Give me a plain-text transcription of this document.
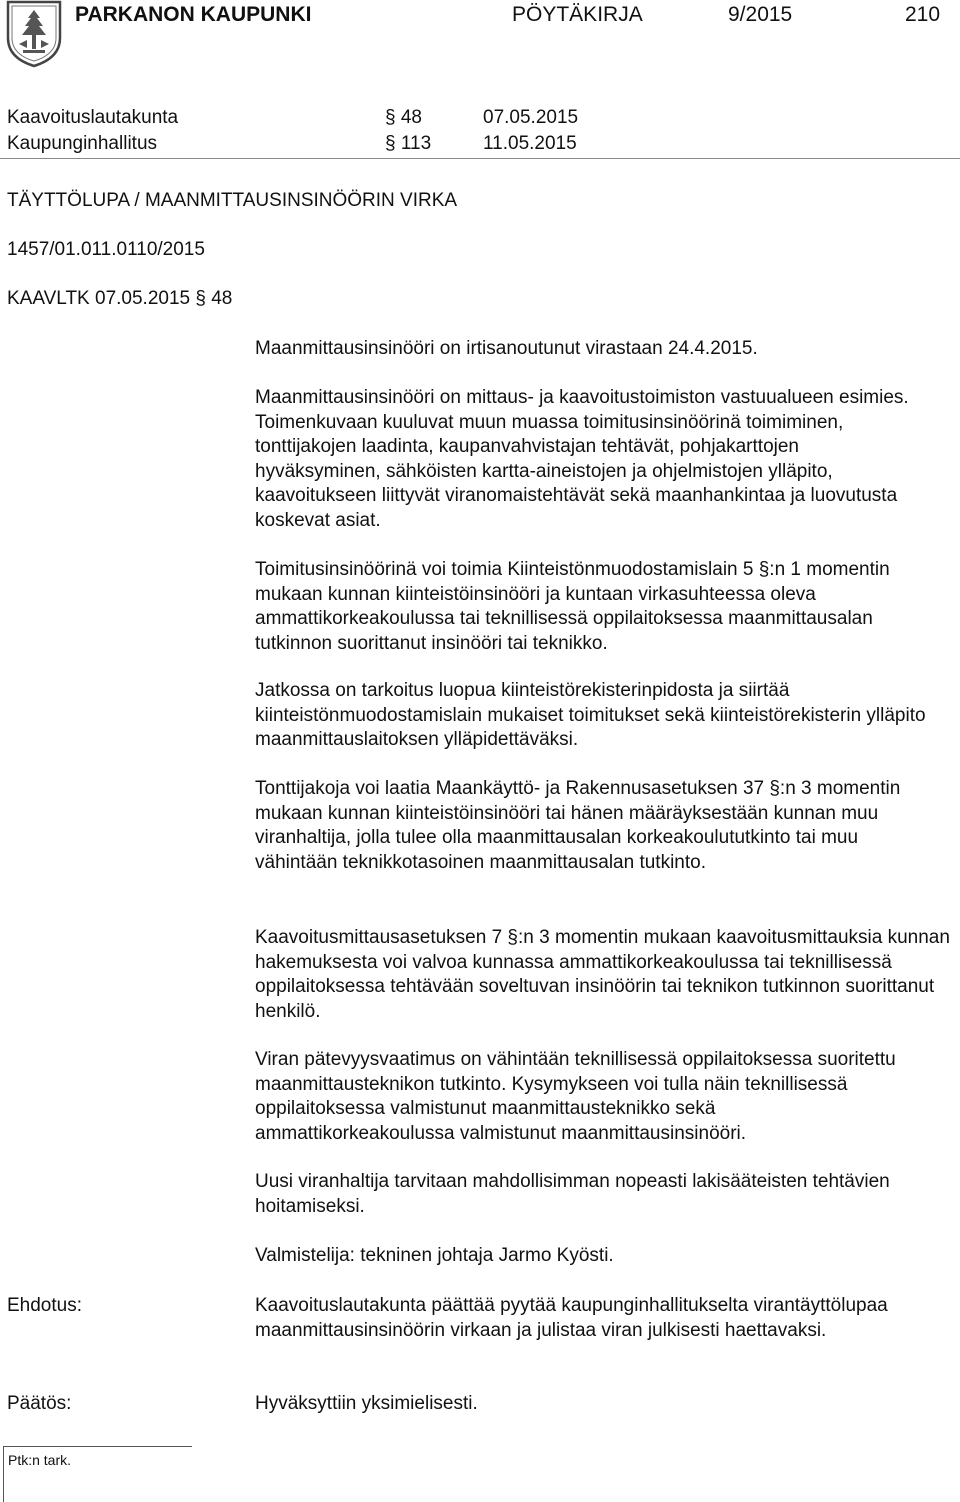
PARKANON KAUPUNKI	PÖYTÄKIRJA	9/2015	210
Kaavoituslautakunta	§ 48	07.05.2015
Kaupunginhallitus	§ 113	11.05.2015
TÄYTTÖLUPA / MAANMITTAUSINSINÖÖRIN VIRKA
1457/01.011.0110/2015
KAAVLTK 07.05.2015 § 48

Maanmittausinsinööri on irtisanoutunut virastaan 24.4.2015.

Maanmittausinsinööri on mittaus- ja kaavoitustoimiston vastuualueen esimies. Toimenkuvaan kuuluvat muun muassa toimitusinsinöörinä toimiminen, tonttijakojen laadinta, kaupanvahvistajan tehtävät, pohjakarttojen hyväksyminen, sähköisten kartta-aineistojen ja ohjelmistojen ylläpito, kaavoitukseen liittyvät viranomaistehtävät sekä maanhankintaa ja luovutusta koskevat asiat.

Toimitusinsinöörinä voi toimia Kiinteistönmuodostamislain 5 §:n 1 momentin mukaan kunnan kiinteistöinsinööri ja kuntaan virkasuhteessa oleva ammattikorkeakoulussa tai teknillisessä oppilaitoksessa maanmittausalan tutkinnon suorittanut insinööri tai teknikko.

Jatkossa on tarkoitus luopua kiinteistörekisterinpidosta ja siirtää kiinteistönmuodostamislain mukaiset toimitukset sekä kiinteistörekisterin ylläpito maanmittauslaitoksen ylläpidettäväksi.

Tonttijakoja voi laatia Maankäyttö- ja Rakennusasetuksen 37 §:n 3 momentin mukaan kunnan kiinteistöinsinööri tai hänen määräyksestään kunnan muu viranhaltija, jolla tulee olla maanmittausalan korkeakoulututkinto tai muu vähintään teknikkotasoinen maanmittausalan tutkinto.

Kaavoitusmittausasetuksen 7 §:n 3 momentin mukaan kaavoitusmittauksia kunnan hakemuksesta voi valvoa kunnassa ammattikorkeakoulussa tai teknillisessä oppilaitoksessa tehtävään soveltuvan insinöörin tai teknikon tutkinnon suorittanut henkilö.

Viran pätevyysvaatimus on vähintään teknillisessä oppilaitoksessa suoritettu maanmittausteknikon tutkinto. Kysymykseen voi tulla näin teknillisessä oppilaitoksessa valmistunut maanmittausteknikko sekä ammattikorkeakoulussa valmistunut maanmittausinsinööri.

Uusi viranhaltija tarvitaan mahdollisimman nopeasti lakisääteisten tehtävien hoitamiseksi.

Valmistelija: tekninen johtaja Jarmo Kyösti.

Ehdotus:	Kaavoituslautakunta päättää pyytää kaupunginhallitukselta virantäyttölupaa maanmittausinsinöörin virkaan ja julistaa viran julkisesti haettavaksi.

Päätös:	Hyväksyttiin yksimielisesti.

Ptk:n tark.
